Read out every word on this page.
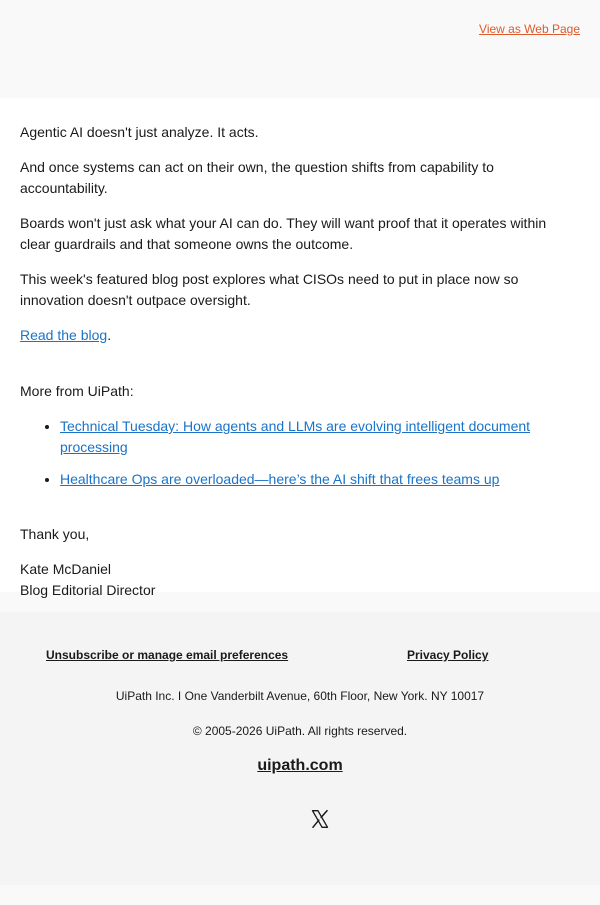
View as Web Page

Agentic AI doesn't just analyze. It acts.

And once systems can act on their own, the question shifts from capability to accountability.

Boards won't just ask what your AI can do. They will want proof that it operates within clear guardrails and that someone owns the outcome.

This week's featured blog post explores what CISOs need to put in place now so innovation doesn't outpace oversight.

Read the blog.

More from UiPath:

• Technical Tuesday: How agents and LLMs are evolving intelligent document processing
• Healthcare Ops are overloaded—here’s the AI shift that frees teams up

Thank you,

Kate McDaniel

Blog Editorial Director

Unsubscribe or manage email preferences	Privacy Policy
UiPath Inc. I One Vanderbilt Avenue, 60th Floor, New York. NY 10017
© 2005-2026 UiPath. All rights reserved.
uipath.com
